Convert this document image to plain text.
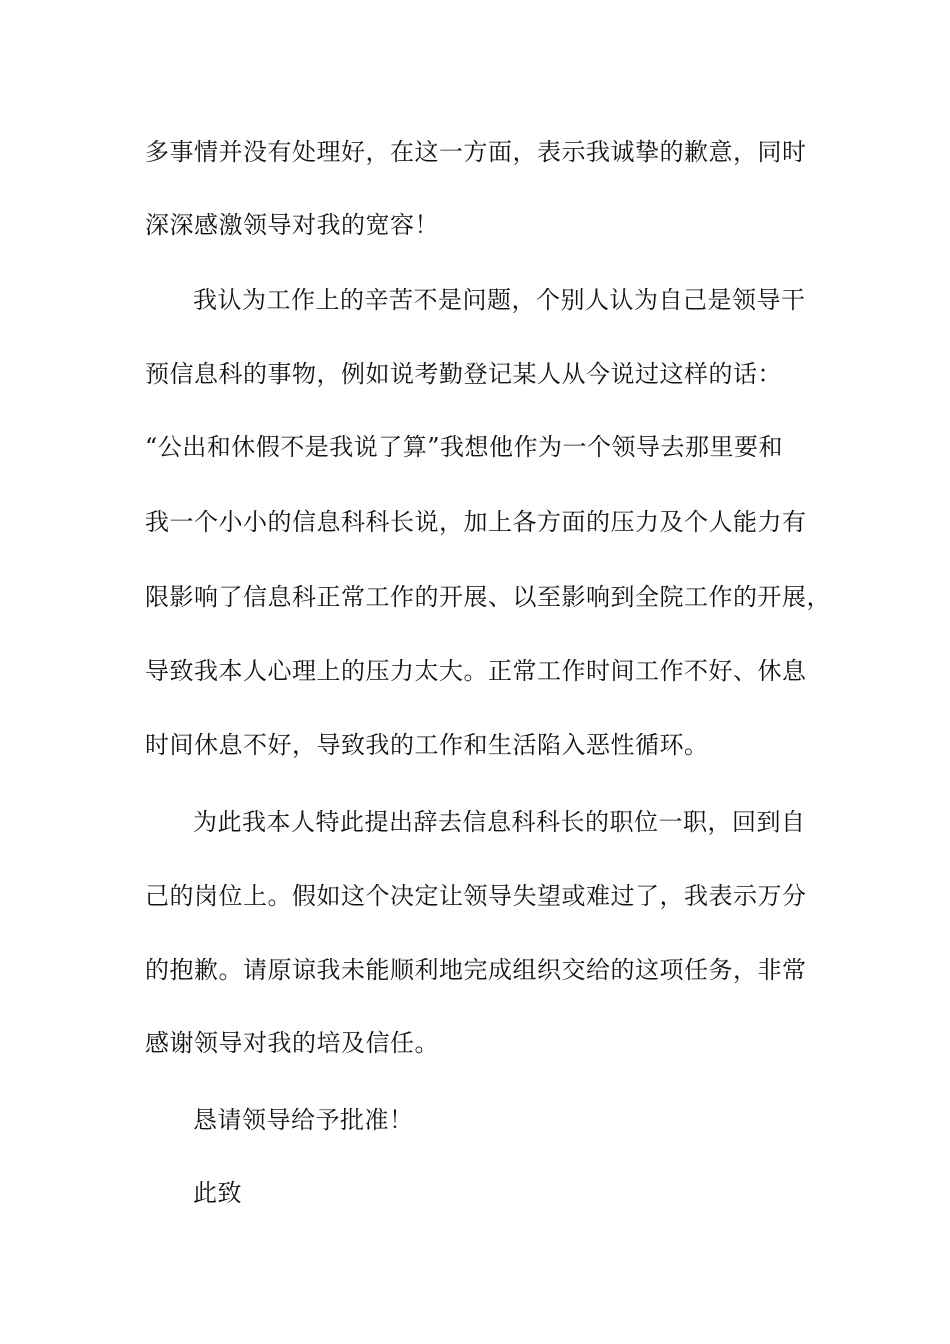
多事情并没有处理好，在这一方面，表示我诚挚的歉意，同时
深深感激领导对我的宽容！
我认为工作上的辛苦不是问题，个别人认为自己是领导干
预信息科的事物，例如说考勤登记某人从今说过这样的话：
“公出和休假不是我说了算”我想他作为一个领导去那里要和
我一个小小的信息科科长说，加上各方面的压力及个人能力有
限影响了信息科正常工作的开展、以至影响到全院工作的开展，
导致我本人心理上的压力太大。正常工作时间工作不好、休息
时间休息不好，导致我的工作和生活陷入恶性循环。
为此我本人特此提出辞去信息科科长的职位一职，回到自
己的岗位上。假如这个决定让领导失望或难过了，我表示万分
的抱歉。请原谅我未能顺利地完成组织交给的这项任务，非常
感谢领导对我的培及信任。
恳请领导给予批准！
此致
